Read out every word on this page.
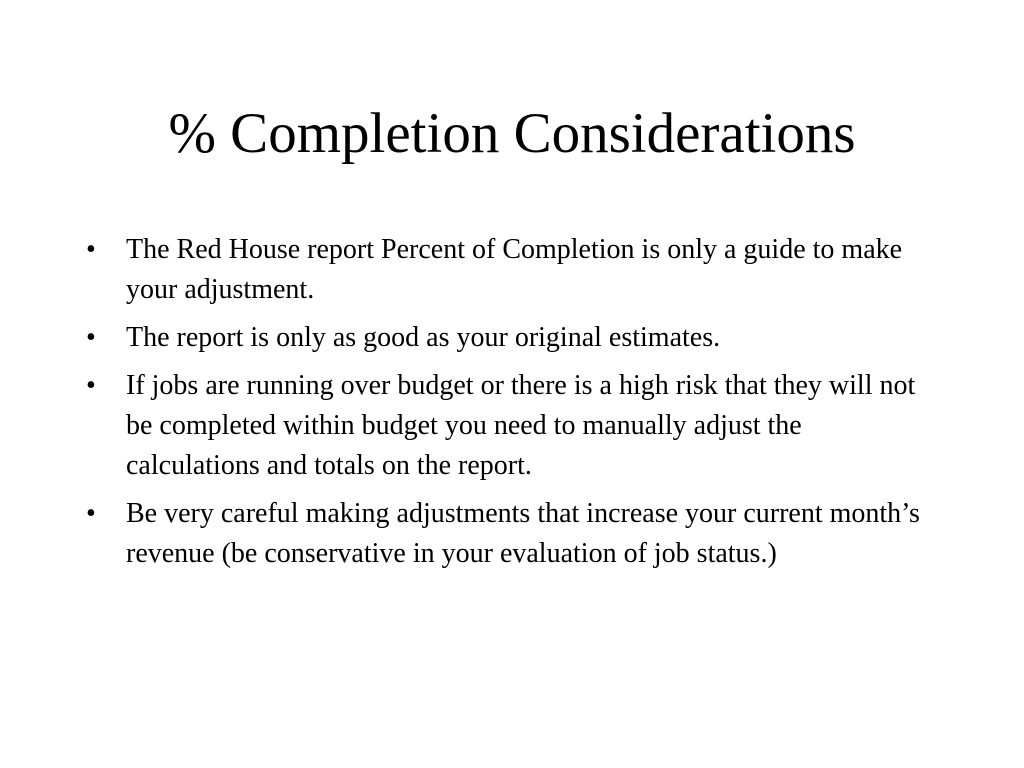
% Completion Considerations
•	The Red House report Percent of Completion is only a guide to make your adjustment.
•	The report is only as good as your original estimates.
•	If jobs are running over budget or there is a high risk that they will not be completed within budget you need to manually adjust the calculations and totals on the report.
•	Be very careful making adjustments that increase your current month’s revenue (be conservative in your evaluation of job status.)
